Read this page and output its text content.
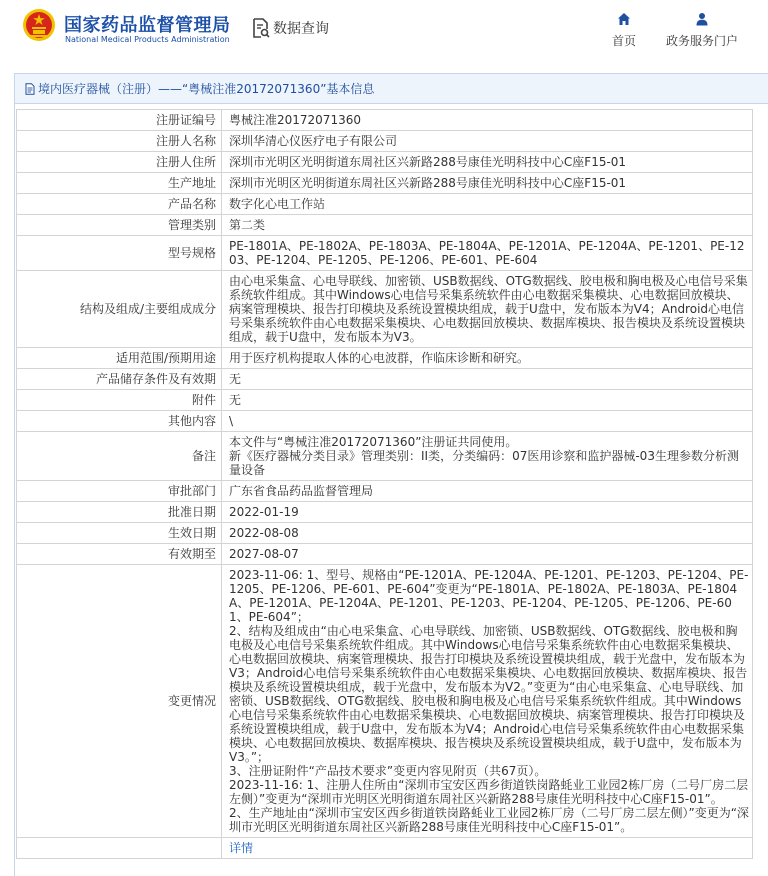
国家药品监督管理局
National Medical Products Administration
数据查询
首页 政务服务门户
境内医疗器械（注册）——“粤械注准20172071360”基本信息
注册证编号	粤械注准20172071360
注册人名称	深圳华清心仪医疗电子有限公司
注册人住所	深圳市光明区光明街道东周社区兴新路288号康佳光明科技中心C座F15-01
生产地址	深圳市光明区光明街道东周社区兴新路288号康佳光明科技中心C座F15-01
产品名称	数字化心电工作站
管理类别	第二类
型号规格	PE-1801A、PE-1802A、PE-1803A、PE-1804A、PE-1201A、PE-1204A、PE-1201、PE-1203、PE-1204、PE-1205、PE-1206、PE-601、PE-604
结构及组成/主要组成成分	由心电采集盒、心电导联线、加密锁、USB数据线、OTG数据线、胶电极和胸电极及心电信号采集系统软件组成。其中Windows心电信号采集系统软件由心电数据采集模块、心电数据回放模块、病案管理模块、报告打印模块及系统设置模块组成，载于U盘中，发布版本为V4；Android心电信号采集系统软件由心电数据采集模块、心电数据回放模块、数据库模块、报告模块及系统设置模块组成，载于U盘中，发布版本为V3。
适用范围/预期用途	用于医疗机构提取人体的心电波群，作临床诊断和研究。
产品储存条件及有效期	无
附件	无
其他内容	\
备注	本文件与“粤械注准20172071360”注册证共同使用。
新《医疗器械分类目录》管理类别：II类，分类编码：07医用诊察和监护器械-03生理参数分析测量设备
审批部门	广东省食品药品监督管理局
批准日期	2022-01-19
生效日期	2022-08-08
有效期至	2027-08-07
变更情况	2023-11-06: 1、型号、规格由“PE-1201A、PE-1204A、PE-1201、PE-1203、PE-1204、PE-1205、PE-1206、PE-601、PE-604”变更为“PE-1801A、PE-1802A、PE-1803A、PE-1804A、PE-1201A、PE-1204A、PE-1201、PE-1203、PE-1204、PE-1205、PE-1206、PE-601、PE-604”；
2、结构及组成由“由心电采集盒、心电导联线、加密锁、USB数据线、OTG数据线、胶电极和胸电极及心电信号采集系统软件组成。其中Windows心电信号采集系统软件由心电数据采集模块、心电数据回放模块、病案管理模块、报告打印模块及系统设置模块组成，载于光盘中，发布版本为V3；Android心电信号采集系统软件由心电数据采集模块、心电数据回放模块、数据库模块、报告模块及系统设置模块组成，载于光盘中，发布版本为V2。”变更为“由心电采集盒、心电导联线、加密锁、USB数据线、OTG数据线、胶电极和胸电极及心电信号采集系统软件组成。其中Windows心电信号采集系统软件由心电数据采集模块、心电数据回放模块、病案管理模块、报告打印模块及系统设置模块组成，载于U盘中，发布版本为V4；Android心电信号采集系统软件由心电数据采集模块、心电数据回放模块、数据库模块、报告模块及系统设置模块组成，载于U盘中，发布版本为V3。”；
3、注册证附件“产品技术要求”变更内容见附页（共67页）。
2023-11-16: 1、注册人住所由“深圳市宝安区西乡街道铁岗路蚝业工业园2栋厂房（二号厂房二层左侧）”变更为“深圳市光明区光明街道东周社区兴新路288号康佳光明科技中心C座F15-01”。
2、生产地址由“深圳市宝安区西乡街道铁岗路蚝业工业园2栋厂房（二号厂房二层左侧）”变更为“深圳市光明区光明街道东周社区兴新路288号康佳光明科技中心C座F15-01”。
	详情
